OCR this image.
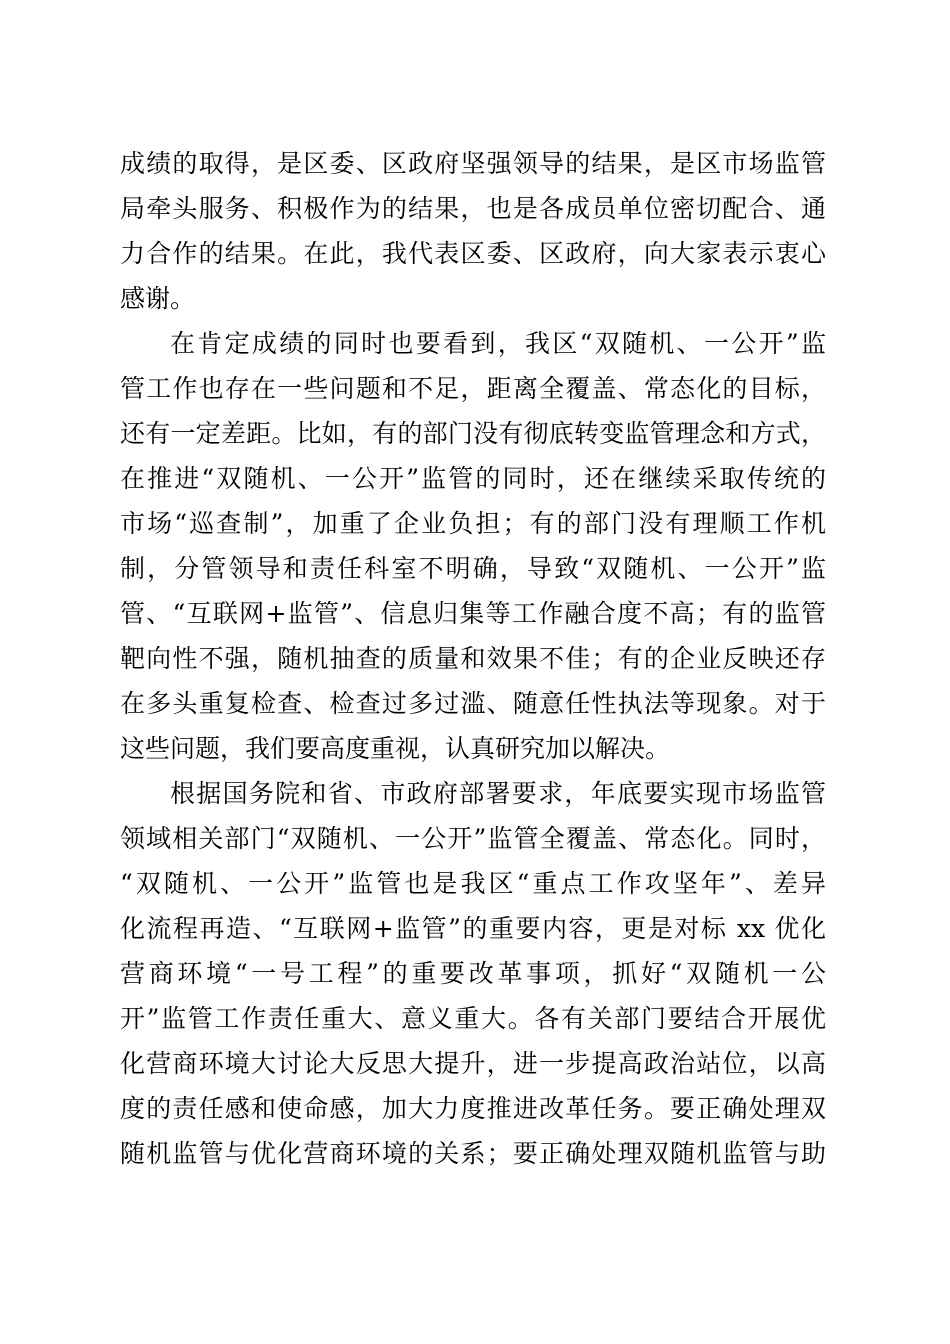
成绩的取得，是区委、区政府坚强领导的结果，是区市场监管
局牵头服务、积极作为的结果，也是各成员单位密切配合、通
力合作的结果。在此，我代表区委、区政府，向大家表示衷心
感谢。
在肯定成绩的同时也要看到，我区“双随机、一公开”监
管工作也存在一些问题和不足，距离全覆盖、常态化的目标，
还有一定差距。比如，有的部门没有彻底转变监管理念和方式，
在推进“双随机、一公开”监管的同时，还在继续采取传统的
市场“巡查制”，加重了企业负担；有的部门没有理顺工作机
制，分管领导和责任科室不明确，导致“双随机、一公开”监
管、“互联网+监管”、信息归集等工作融合度不高；有的监管
靶向性不强，随机抽查的质量和效果不佳；有的企业反映还存
在多头重复检查、检查过多过滥、随意任性执法等现象。对于
这些问题，我们要高度重视，认真研究加以解决。
根据国务院和省、市政府部署要求，年底要实现市场监管
领域相关部门“双随机、一公开”监管全覆盖、常态化。同时，
“双随机、一公开”监管也是我区“重点工作攻坚年”、差异
化流程再造、“互联网+监管”的重要内容，更是对标 xx 优化
营商环境“一号工程”的重要改革事项，抓好“双随机一公
开”监管工作责任重大、意义重大。各有关部门要结合开展优
化营商环境大讨论大反思大提升，进一步提高政治站位，以高
度的责任感和使命感，加大力度推进改革任务。要正确处理双
随机监管与优化营商环境的关系；要正确处理双随机监管与助
